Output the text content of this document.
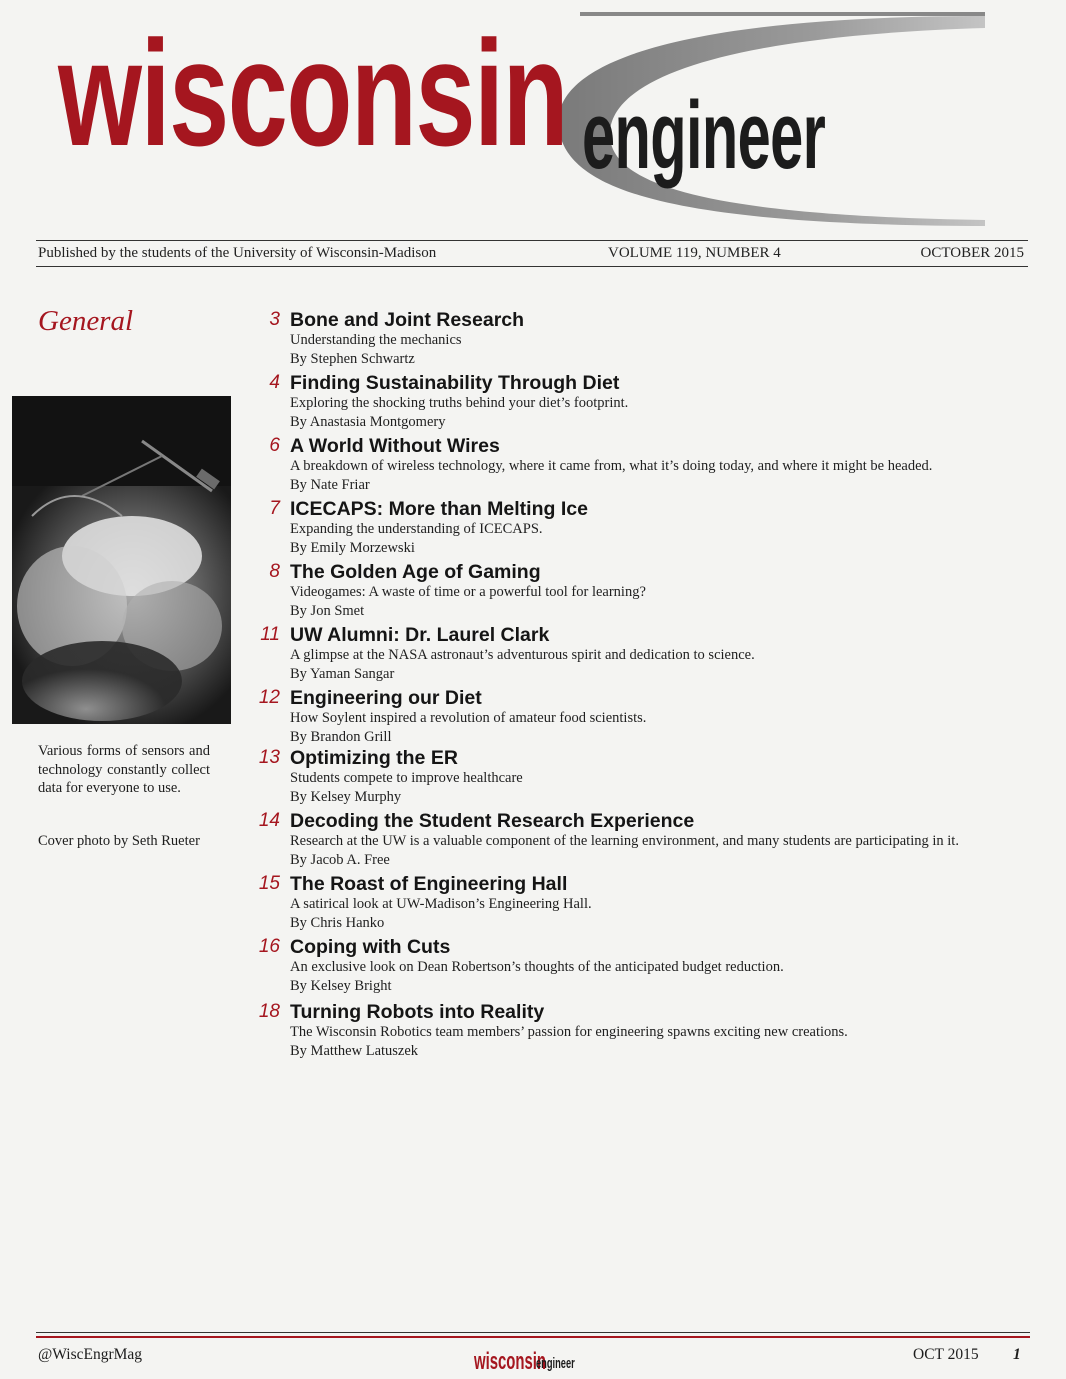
wisconsin engineer
Published by the students of the University of Wisconsin-Madison	VOLUME 119, NUMBER 4	OCTOBER 2015
General
Various forms of sensors and technology constantly collect data for everyone to use.
Cover photo by Seth Rueter
3 Bone and Joint Research
Understanding the mechanics
By Stephen Schwartz
4 Finding Sustainability Through Diet
Exploring the shocking truths behind your diet’s footprint.
By Anastasia Montgomery
6 A World Without Wires
A breakdown of wireless technology, where it came from, what it’s doing today, and where it might be headed.
By Nate Friar
7 ICECAPS: More than Melting Ice
Expanding the understanding of ICECAPS.
By Emily Morzewski
8 The Golden Age of Gaming
Videogames: A waste of time or a powerful tool for learning?
By Jon Smet
11 UW Alumni: Dr. Laurel Clark
A glimpse at the NASA astronaut’s adventurous spirit and dedication to science.
By Yaman Sangar
12 Engineering our Diet
How Soylent inspired a revolution of amateur food scientists.
By Brandon Grill
13 Optimizing the ER
Students compete to improve healthcare
By Kelsey Murphy
14 Decoding the Student Research Experience
Research at the UW is a valuable component of the learning environment, and many students are participating in it.
By Jacob A. Free
15 The Roast of Engineering Hall
A satirical look at UW-Madison’s Engineering Hall.
By Chris Hanko
16 Coping with Cuts
An exclusive look on Dean Robertson’s thoughts of the anticipated budget reduction.
By Kelsey Bright
18 Turning Robots into Reality
The Wisconsin Robotics team members’ passion for engineering spawns exciting new creations.
By Matthew Latuszek
@WiscEngrMag	wisconsin
engineer
OCT 2015 1
